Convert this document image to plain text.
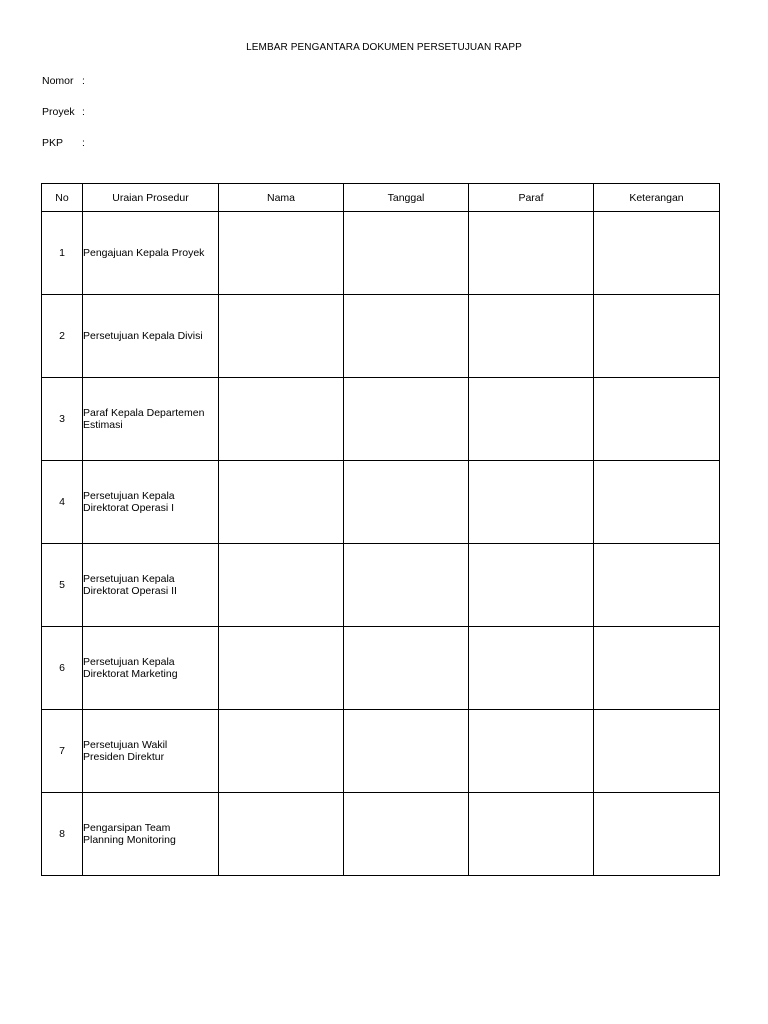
LEMBAR PENGANTARA DOKUMEN PERSETUJUAN RAPP
Nomor :
Proyek :
PKP :
No	Uraian Prosedur	Nama	Tanggal	Paraf	Keterangan
1	Pengajuan Kepala Proyek

2	Persetujuan Kepala Divisi

3	Paraf Kepala Departemen
Estimasi				
4	Persetujuan Kepala
Direktorat Operasi I				
5	Persetujuan Kepala
Direktorat Operasi II				
6	Persetujuan Kepala
Direktorat Marketing				
7	Persetujuan Wakil
Presiden Direktur				
8	Pengarsipan Team
Planning Monitoring				
